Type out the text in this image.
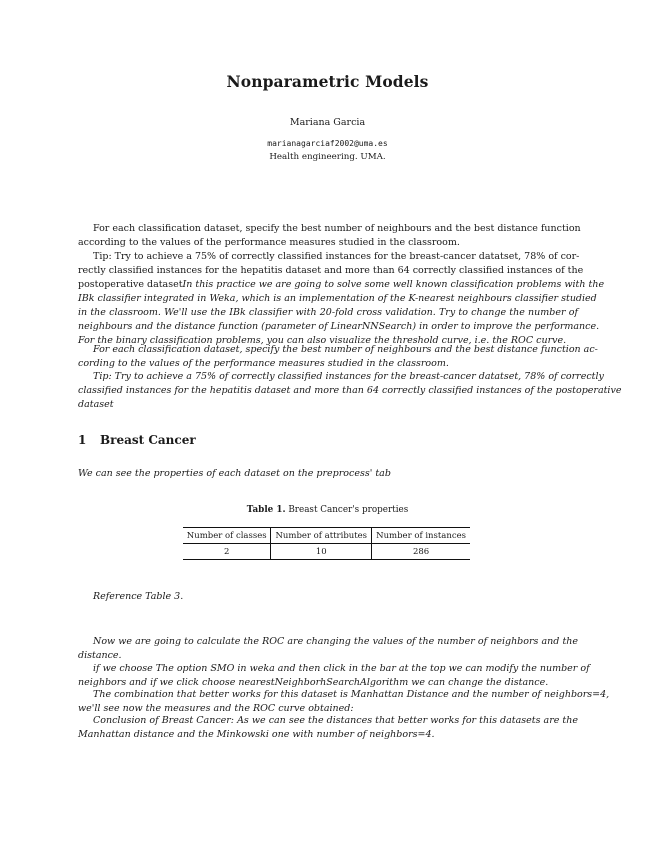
Nonparametric Models
Mariana Garcia
marianagarciaf2002@uma.es
Health engineering. UMA.
For each classification dataset, specify the best number of neighbours and the best distance function
according to the values of the performance measures studied in the classroom.
Tip: Try to achieve a 75% of correctly classified instances for the breast-cancer datatset, 78% of cor-
rectly classified instances for the hepatitis dataset and more than 64 correctly classified instances of the
postoperative datasetIn this practice we are going to solve some well known classification problems with the
IBk classifier integrated in Weka, which is an implementation of the K-nearest neighbours classifier studied
in the classroom. We'll use the IBk classifier with 20-fold cross validation. Try to change the number of
neighbours and the distance function (parameter of LinearNNSearch) in order to improve the performance.
For the binary classification problems, you can also visualize the threshold curve, i.e. the ROC curve.
For each classification dataset, specify the best number of neighbours and the best distance function ac-
cording to the values of the performance measures studied in the classroom.
Tip: Try to achieve a 75% of correctly classified instances for the breast-cancer datatset, 78% of correctly
classified instances for the hepatitis dataset and more than 64 correctly classified instances of the postoperative
dataset
1 Breast Cancer
We can see the properties of each dataset on the preprocess' tab
Table 1. Breast Cancer's properties
Number of classes	Number of attributes	Number of instances
2	10	286
Reference Table 3.
Now we are going to calculate the ROC are changing the values of the number of neighbors and the
distance.
if we choose The option SMO in weka and then click in the bar at the top we can modify the number of
neighbors and if we click choose nearestNeighborhSearchAlgorithm we can change the distance.
The combination that better works for this dataset is Manhattan Distance and the number of neighbors=4,
we'll see now the measures and the ROC curve obtained:
Conclusion of Breast Cancer: As we can see the distances that better works for this datasets are the
Manhattan distance and the Minkowski one with number of neighbors=4.
